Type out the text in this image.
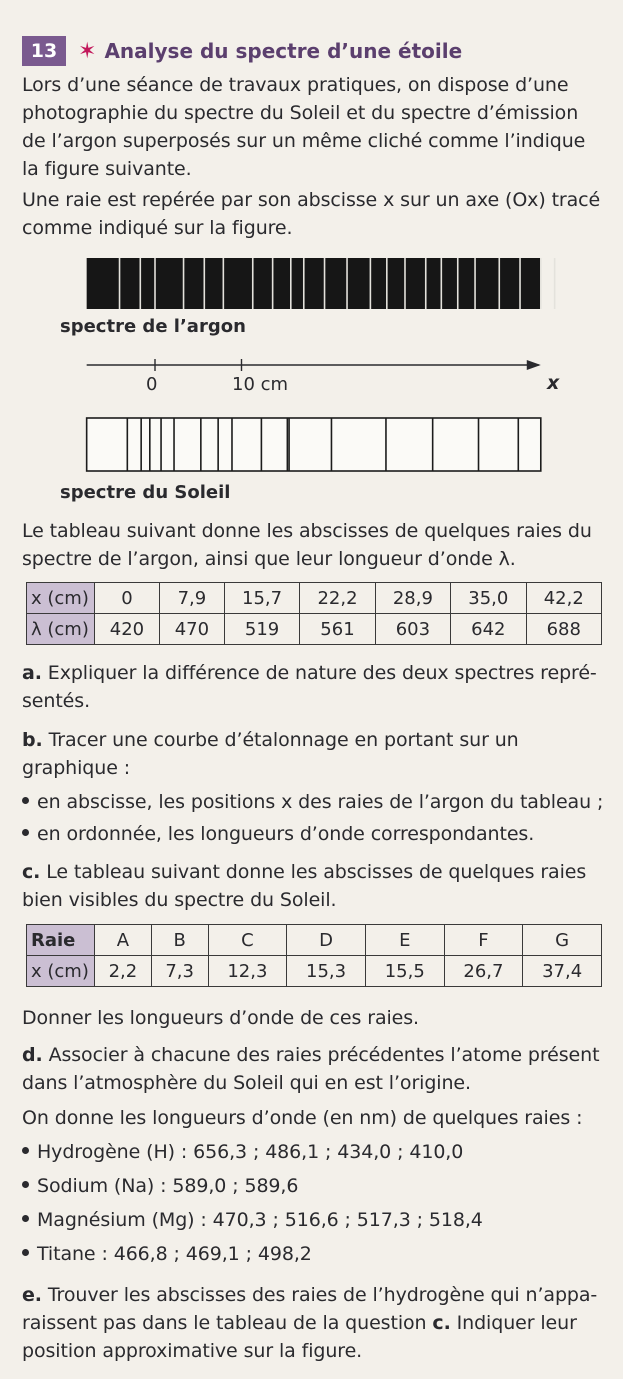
13 ✶ Analyse du spectre d’une étoile
Lors d’une séance de travaux pratiques, on dispose d’une
photographie du spectre du Soleil et du spectre d’émission
de l’argon superposés sur un même cliché comme l’indique
la figure suivante.
Une raie est repérée par son abscisse x sur un axe (Ox) tracé
comme indiqué sur la figure.
spectre de l’argon
0	10 cm	x
spectre du Soleil
Le tableau suivant donne les abscisses de quelques raies du
spectre de l’argon, ainsi que leur longueur d’onde λ.
x (cm)	0	7,9	15,7	22,2	28,9	35,0	42,2
λ (cm)	420	470	519	561	603	642	688
a. Expliquer la différence de nature des deux spectres repré-
sentés.
b. Tracer une courbe d’étalonnage en portant sur un
graphique :
en abscisse, les positions x des raies de l’argon du tableau ;
en ordonnée, les longueurs d’onde correspondantes.
c. Le tableau suivant donne les abscisses de quelques raies
bien visibles du spectre du Soleil.
Raie	A	B	C	D	E	F	G
x (cm)	2,2	7,3	12,3	15,3	15,5	26,7	37,4
Donner les longueurs d’onde de ces raies.
d. Associer à chacune des raies précédentes l’atome présent
dans l’atmosphère du Soleil qui en est l’origine.
On donne les longueurs d’onde (en nm) de quelques raies :
Hydrogène (H) : 656,3 ; 486,1 ; 434,0 ; 410,0
Sodium (Na) : 589,0 ; 589,6
Magnésium (Mg) : 470,3 ; 516,6 ; 517,3 ; 518,4
Titane : 466,8 ; 469,1 ; 498,2
e. Trouver les abscisses des raies de l’hydrogène qui n’appa-
raissent pas dans le tableau de la question c. Indiquer leur
position approximative sur la figure.
